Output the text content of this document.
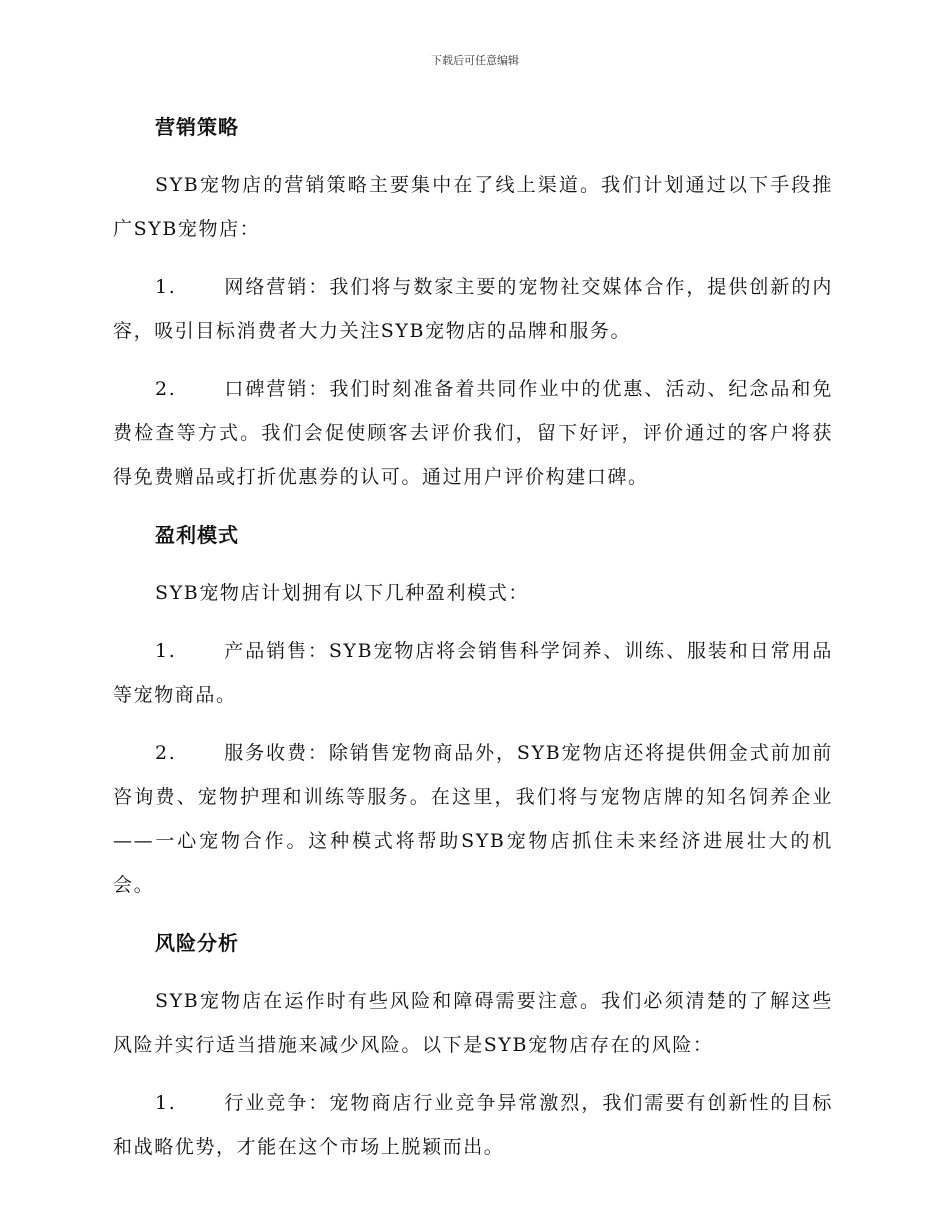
下载后可任意编辑
营销策略

SYB宠物店的营销策略主要集中在了线上渠道。我们计划通过以下手段推广SYB宠物店：

1.	网络营销：我们将与数家主要的宠物社交媒体合作，提供创新的内容，吸引目标消费者大力关注SYB宠物店的品牌和服务。

2.	口碑营销：我们时刻准备着共同作业中的优惠、活动、纪念品和免费检查等方式。我们会促使顾客去评价我们，留下好评，评价通过的客户将获得免费赠品或打折优惠券的认可。通过用户评价构建口碑。

盈利模式

SYB宠物店计划拥有以下几种盈利模式：

1.	产品销售：SYB宠物店将会销售科学饲养、训练、服装和日常用品等宠物商品。

2.	服务收费：除销售宠物商品外，SYB宠物店还将提供佣金式前加前咨询费、宠物护理和训练等服务。在这里，我们将与宠物店牌的知名饲养企业——一心宠物合作。这种模式将帮助SYB宠物店抓住未来经济进展壮大的机会。

风险分析

SYB宠物店在运作时有些风险和障碍需要注意。我们必须清楚的了解这些风险并实行适当措施来减少风险。以下是SYB宠物店存在的风险：

1.	行业竞争：宠物商店行业竞争异常激烈，我们需要有创新性的目标和战略优势，才能在这个市场上脱颖而出。
